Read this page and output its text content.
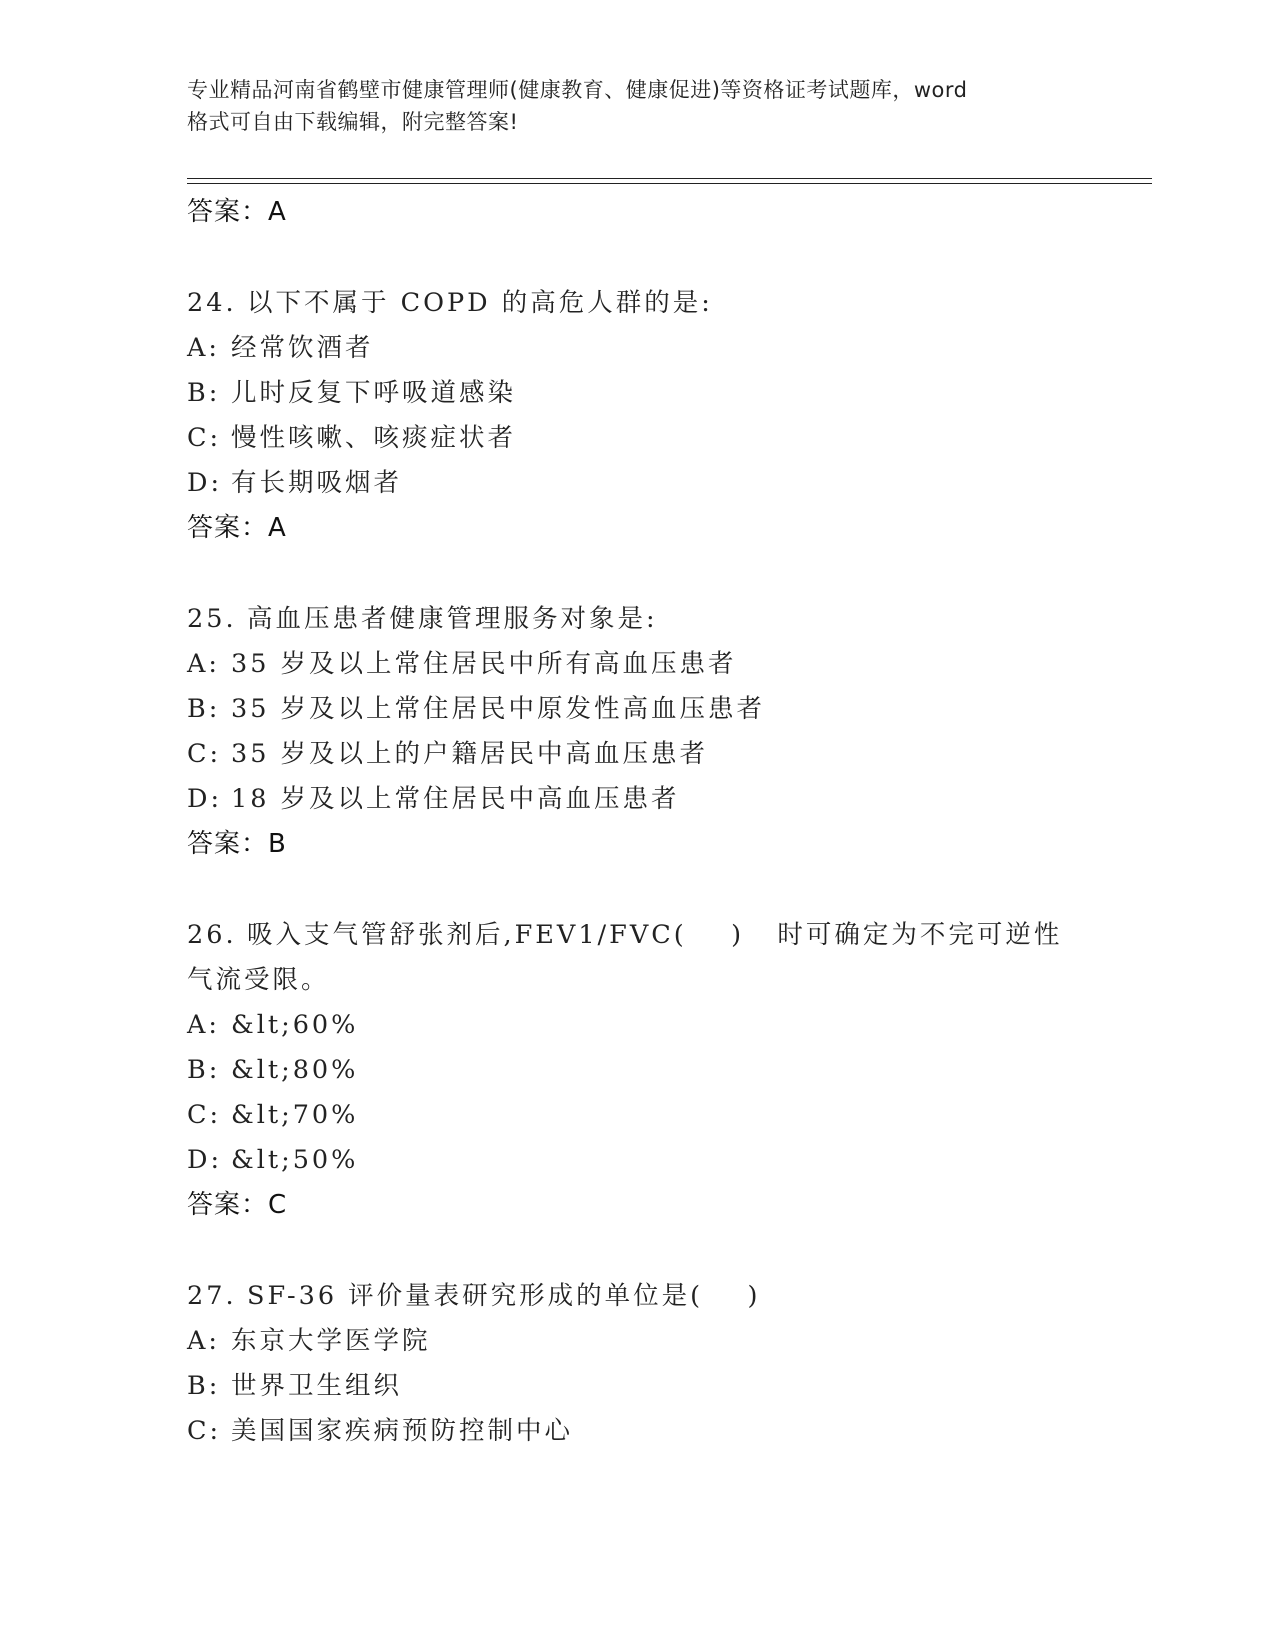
专业精品河南省鹤壁市健康管理师(健康教育、健康促进)等资格证考试题库，word
格式可自由下载编辑，附完整答案!
答案：A
24. 以下不属于 COPD 的高危人群的是:
A: 经常饮酒者
B: 儿时反复下呼吸道感染
C: 慢性咳嗽、咳痰症状者
D: 有长期吸烟者
答案：A
25. 高血压患者健康管理服务对象是:
A: 35 岁及以上常住居民中所有高血压患者
B: 35 岁及以上常住居民中原发性高血压患者
C: 35 岁及以上的户籍居民中高血压患者
D: 18 岁及以上常住居民中高血压患者
答案：B
26. 吸入支气管舒张剂后,FEV1/FVC(    )   时可确定为不完可逆性
气流受限。
A: &lt;60%
B: &lt;80%
C: &lt;70%
D: &lt;50%
答案：C
27. SF-36 评价量表研究形成的单位是(    )
A: 东京大学医学院
B: 世界卫生组织
C: 美国国家疾病预防控制中心
